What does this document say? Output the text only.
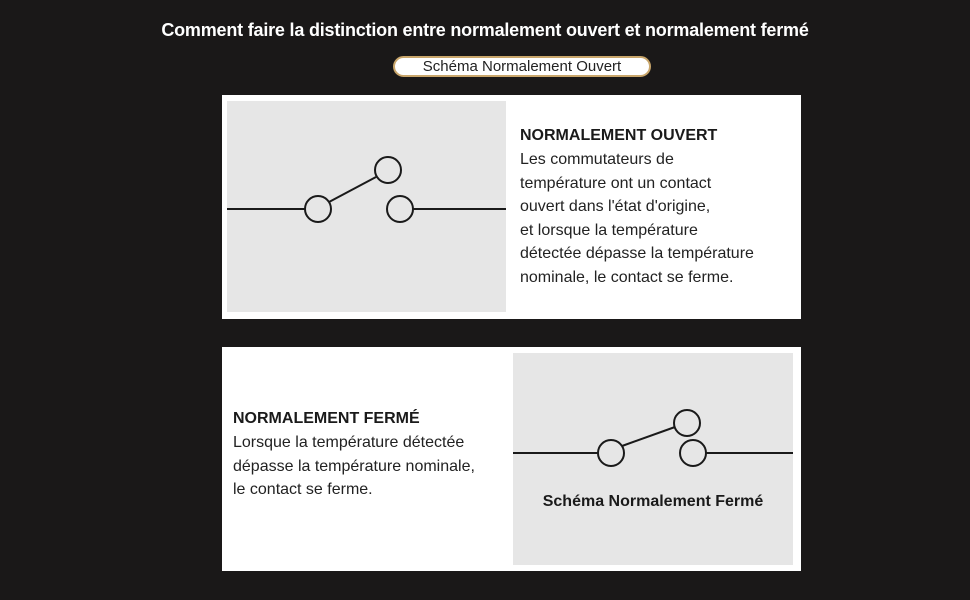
Comment faire la distinction entre normalement ouvert et normalement fermé
Schéma Normalement Ouvert
NORMALEMENT OUVERT

Les commutateurs de
température ont un contact
ouvert dans l'état d'origine,
et lorsque la température
détectée dépasse la température
nominale, le contact se ferme.

NORMALEMENT FERMÉ

Lorsque la température détectée
dépasse la température nominale,
le contact se ferme.

Schéma Normalement Fermé
